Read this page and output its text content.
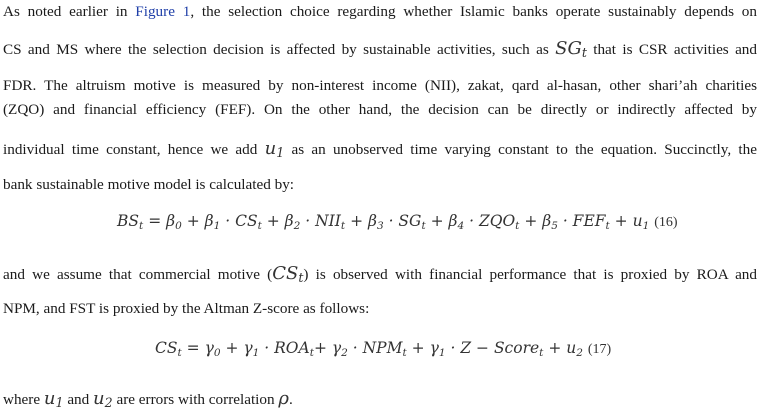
As noted earlier in Figure 1, the selection choice regarding whether Islamic banks operate sustainably depends on
CS and MS where the selection decision is affected by sustainable activities, such as $SG_t$ that is CSR activities and
FDR. The altruism motive is measured by non-interest income (NII), zakat, qard al-hasan, other shari’ah charities
(ZQO) and financial efficiency (FEF). On the other hand, the decision can be directly or indirectly affected by
individual time constant, hence we add $u_1$ as an unobserved time varying constant to the equation. Succinctly, the
bank sustainable motive model is calculated by:
$BS_t = \beta_0 + \beta_1 \cdot CS_t + \beta_2 \cdot NII_t + \beta_3 \cdot SG_t + \beta_4 \cdot ZQO_t + \beta_5 \cdot FEF_t + u_1$ (16)
and we assume that commercial motive $(CS_t)$ is observed with financial performance that is proxied by ROA and
NPM, and FST is proxied by the Altman Z-score as follows:
$CS_t = \gamma_0 + \gamma_1 \cdot ROA_t+ \gamma_2 \cdot NPM_t + \gamma_1 \cdot Z$ − Score$_t$ + $u_2$ (17)
where $u_1$ and $u_2$ are errors with correlation ρ.
